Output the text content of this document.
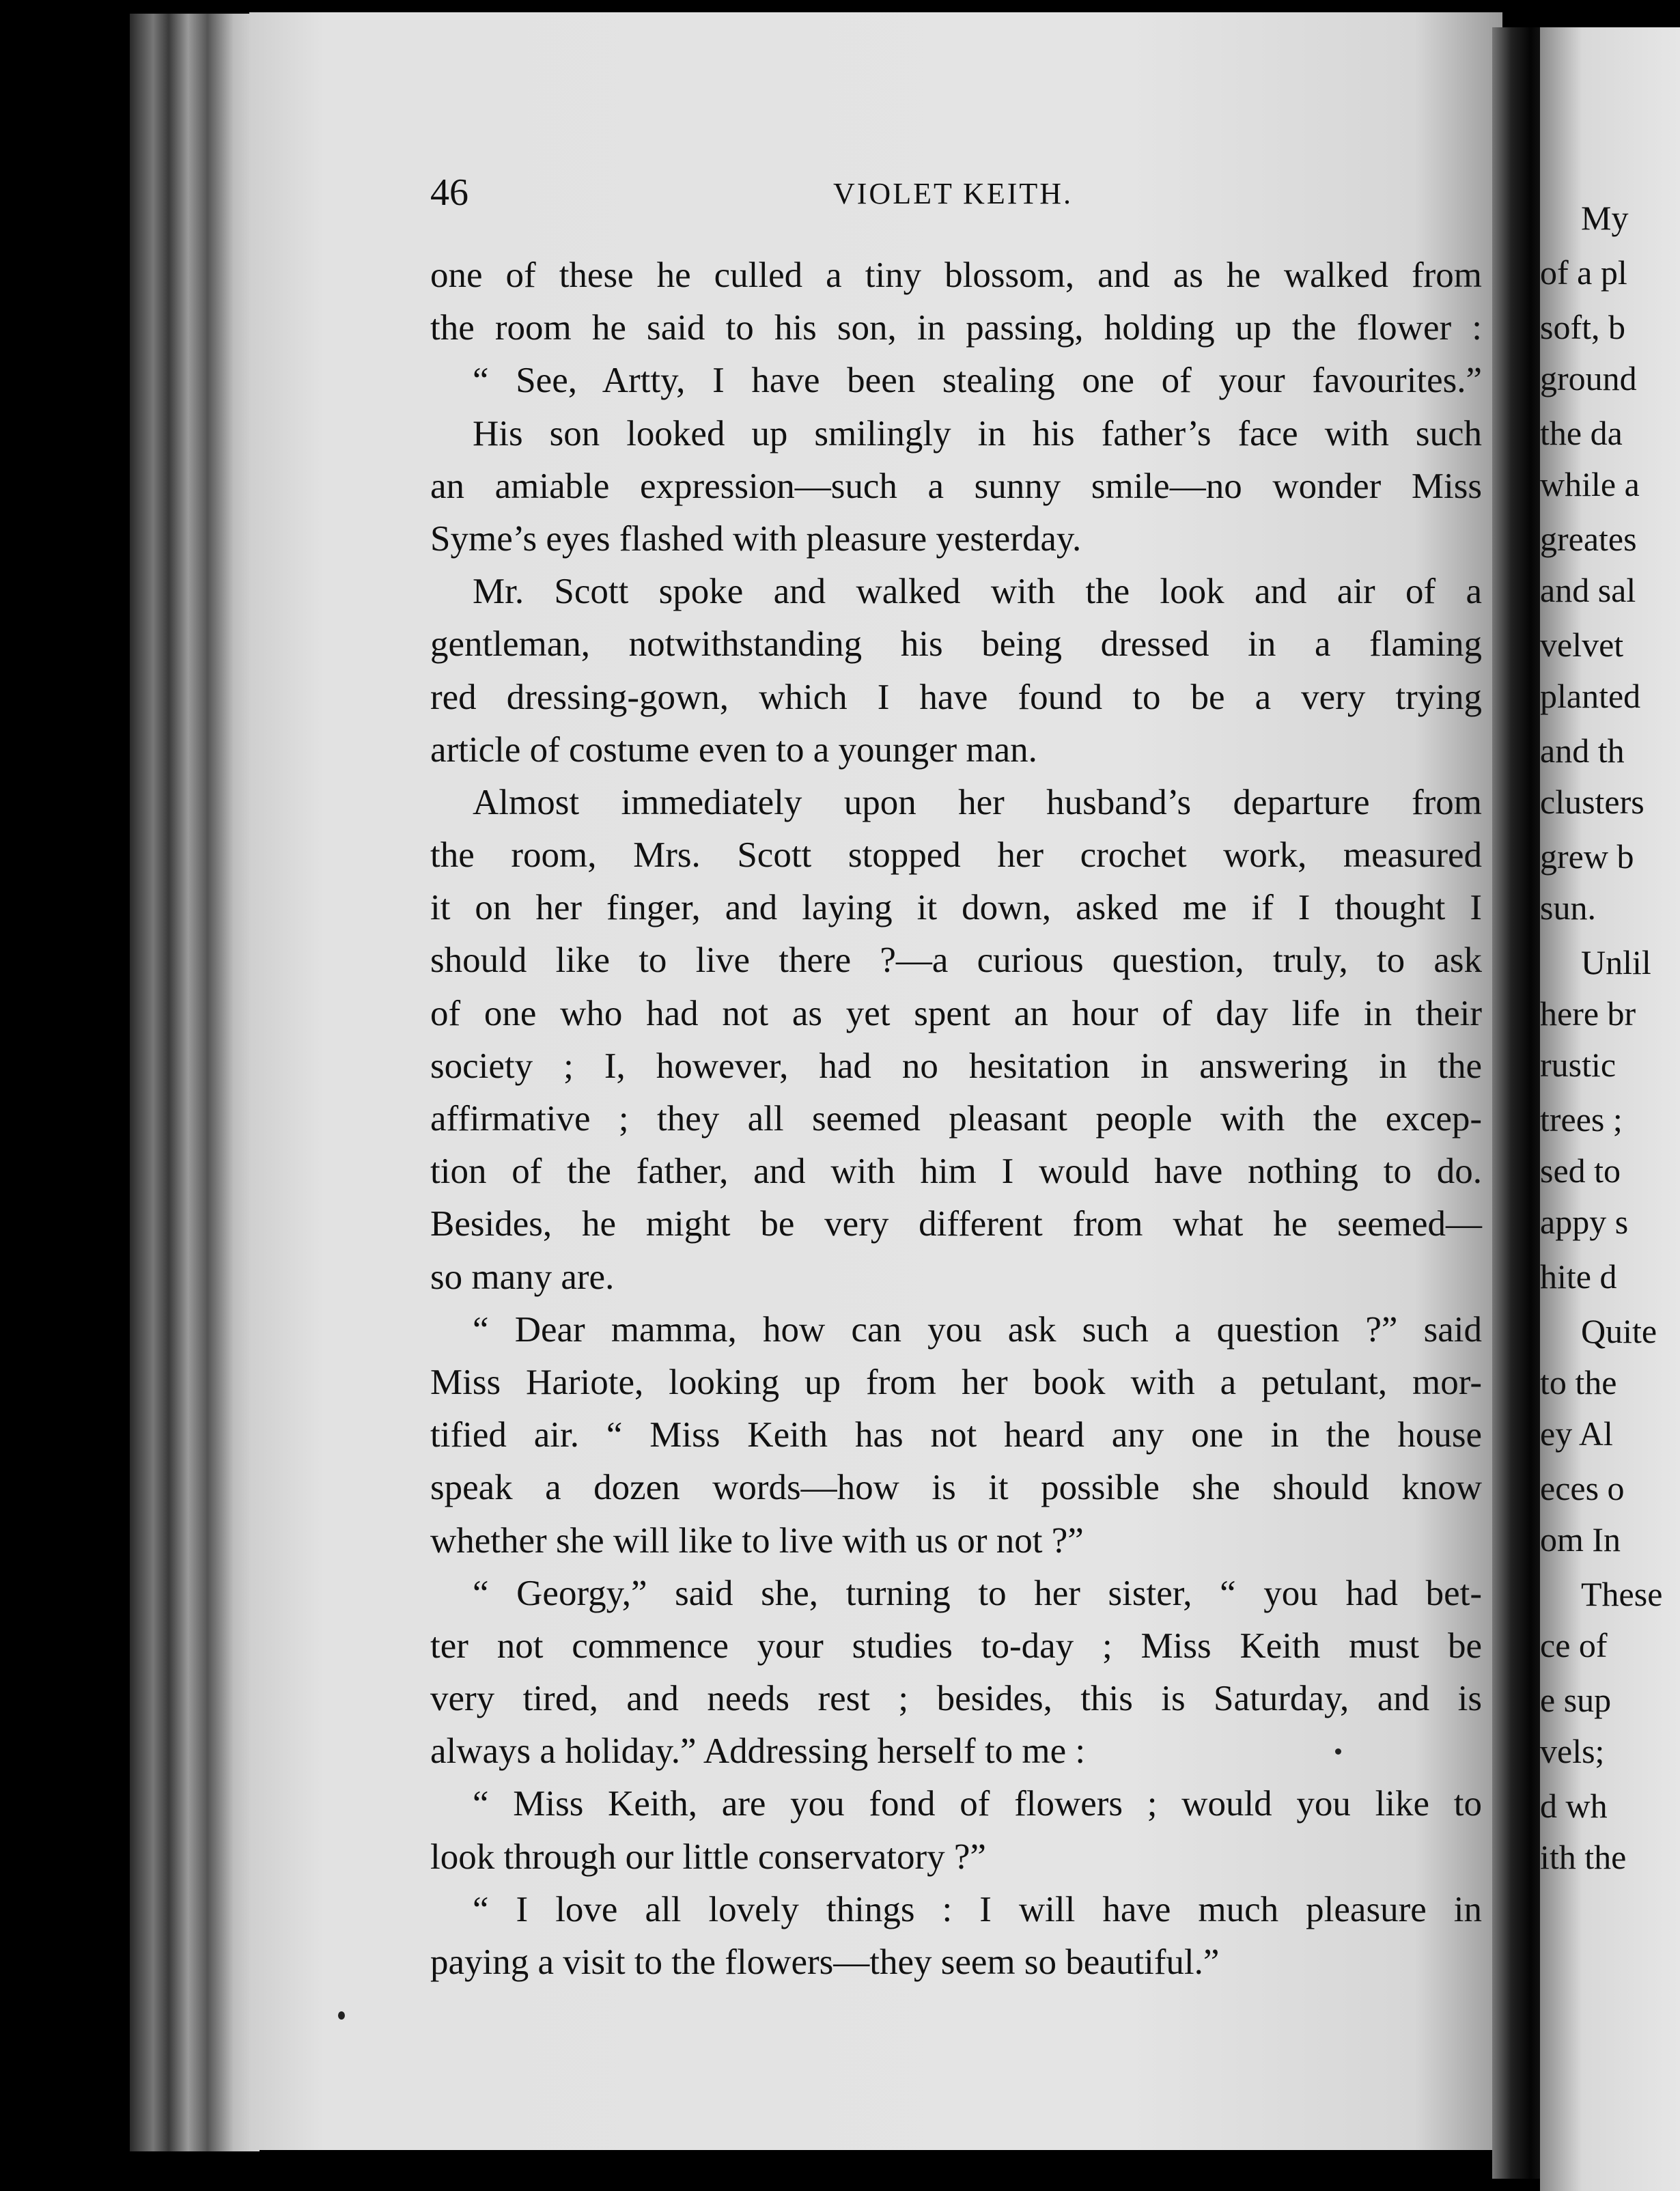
My
of a pl
soft, b
ground
the da
while a
greates
and sal
velvet
planted
and th
clusters
grew b
sun.
Unlil
here br
rustic
trees ;
sed to
appy s
hite d
Quite
to the
ey Al
eces o
om In
These
ce of
e sup
vels;
d wh
ith the
46	VIOLET KEITH.
one of these he culled a tiny blossom, and as he walked from
the room he said to his son, in passing, holding up the flower :
“ See, Artty, I have been stealing one of your favourites.”
His son looked up smilingly in his father’s face with such
an amiable expression—such a sunny smile—no wonder Miss
Syme’s eyes flashed with pleasure yesterday.
Mr. Scott spoke and walked with the look and air of a
gentleman, notwithstanding his being dressed in a flaming
red dressing-gown, which I have found to be a very trying
article of costume even to a younger man.
Almost immediately upon her husband’s departure from
the room, Mrs. Scott stopped her crochet work, measured
it on her finger, and laying it down, asked me if I thought I
should like to live there ?—a curious question, truly, to ask
of one who had not as yet spent an hour of day life in their
society ; I, however, had no hesitation in answering in the
affirmative ; they all seemed pleasant people with the excep-
tion of the father, and with him I would have nothing to do.
Besides, he might be very different from what he seemed—
so many are.
“ Dear mamma, how can you ask such a question ?” said
Miss Hariote, looking up from her book with a petulant, mor-
tified air. “ Miss Keith has not heard any one in the house
speak a dozen words—how is it possible she should know
whether she will like to live with us or not ?”
“ Georgy,” said she, turning to her sister, “ you had bet-
ter not commence your studies to-day ; Miss Keith must be
very tired, and needs rest ; besides, this is Saturday, and is
always a holiday.” Addressing herself to me :
“ Miss Keith, are you fond of flowers ; would you like to
look through our little conservatory ?”
“ I love all lovely things : I will have much pleasure in
paying a visit to the flowers—they seem so beautiful.”
